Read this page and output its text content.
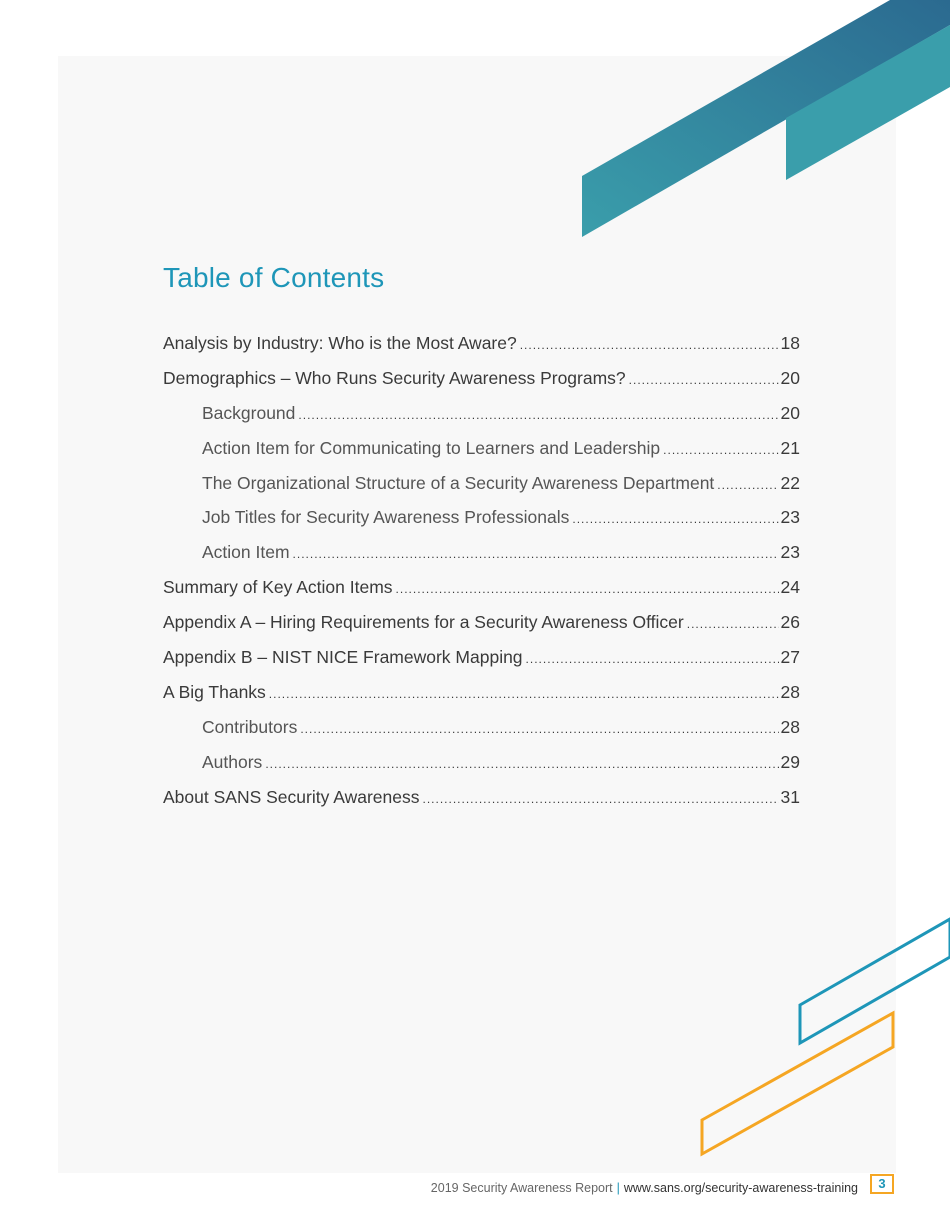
Table of Contents
Analysis by Industry: Who is the Most Aware? .....	18
Demographics – Who Runs Security Awareness Programs? .....	20
Background .....	20
Action Item for Communicating to Learners and Leadership .....	21
The Organizational Structure of a Security Awareness Department .....	22
Job Titles for Security Awareness Professionals .....	23
Action Item .....	23
Summary of Key Action Items .....	24
Appendix A – Hiring Requirements for a Security Awareness Officer .....	26
Appendix B – NIST NICE Framework Mapping .....	27
A Big Thanks .....	28
Contributors .....	28
Authors .....	29
About SANS Security Awareness .....	31
2019 Security Awareness Report | www.sans.org/security-awareness-training	3
